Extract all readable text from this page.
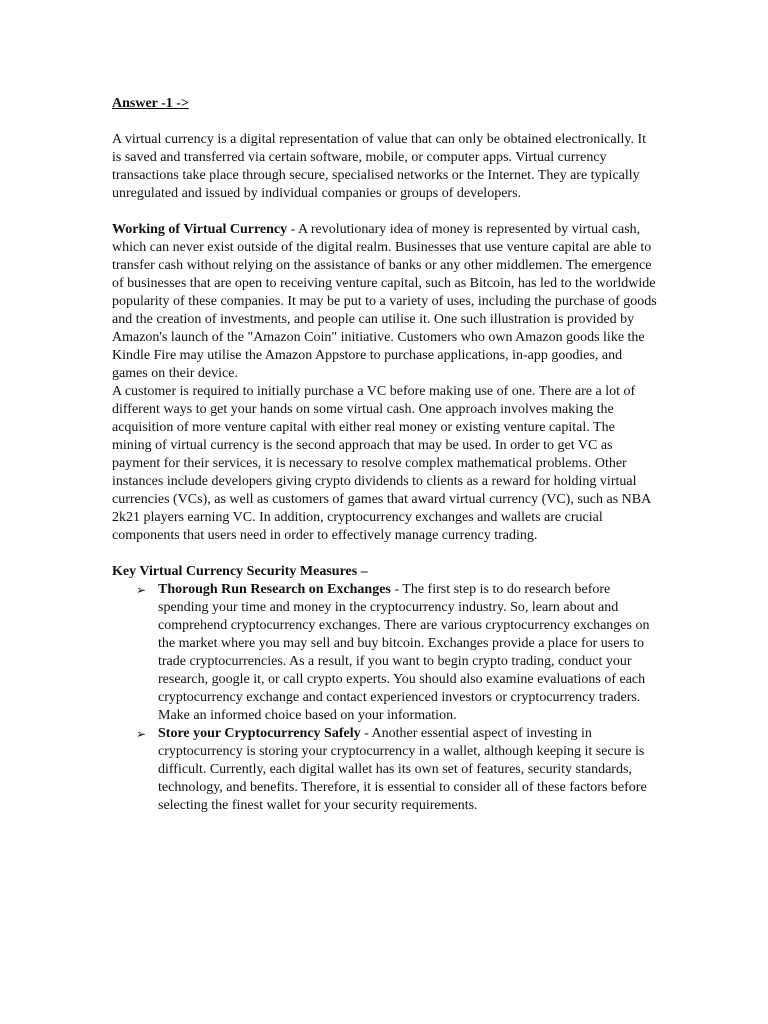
Answer -1 ->

A virtual currency is a digital representation of value that can only be obtained electronically. It is saved and transferred via certain software, mobile, or computer apps. Virtual currency transactions take place through secure, specialised networks or the Internet. They are typically unregulated and issued by individual companies or groups of developers.

Working of Virtual Currency - A revolutionary idea of money is represented by virtual cash, which can never exist outside of the digital realm. Businesses that use venture capital are able to transfer cash without relying on the assistance of banks or any other middlemen. The emergence of businesses that are open to receiving venture capital, such as Bitcoin, has led to the worldwide popularity of these companies. It may be put to a variety of uses, including the purchase of goods and the creation of investments, and people can utilise it. One such illustration is provided by Amazon's launch of the "Amazon Coin" initiative. Customers who own Amazon goods like the Kindle Fire may utilise the Amazon Appstore to purchase applications, in-app goodies, and games on their device.

A customer is required to initially purchase a VC before making use of one. There are a lot of different ways to get your hands on some virtual cash. One approach involves making the acquisition of more venture capital with either real money or existing venture capital. The mining of virtual currency is the second approach that may be used. In order to get VC as payment for their services, it is necessary to resolve complex mathematical problems. Other instances include developers giving crypto dividends to clients as a reward for holding virtual currencies (VCs), as well as customers of games that award virtual currency (VC), such as NBA 2k21 players earning VC. In addition, cryptocurrency exchanges and wallets are crucial components that users need in order to effectively manage currency trading.

Key Virtual Currency Security Measures –

➢ Thorough Run Research on Exchanges - The first step is to do research before spending your time and money in the cryptocurrency industry. So, learn about and comprehend cryptocurrency exchanges. There are various cryptocurrency exchanges on the market where you may sell and buy bitcoin. Exchanges provide a place for users to trade cryptocurrencies. As a result, if you want to begin crypto trading, conduct your research, google it, or call crypto experts. You should also examine evaluations of each cryptocurrency exchange and contact experienced investors or cryptocurrency traders. Make an informed choice based on your information.
➢ Store your Cryptocurrency Safely - Another essential aspect of investing in cryptocurrency is storing your cryptocurrency in a wallet, although keeping it secure is difficult. Currently, each digital wallet has its own set of features, security standards, technology, and benefits. Therefore, it is essential to consider all of these factors before selecting the finest wallet for your security requirements.
